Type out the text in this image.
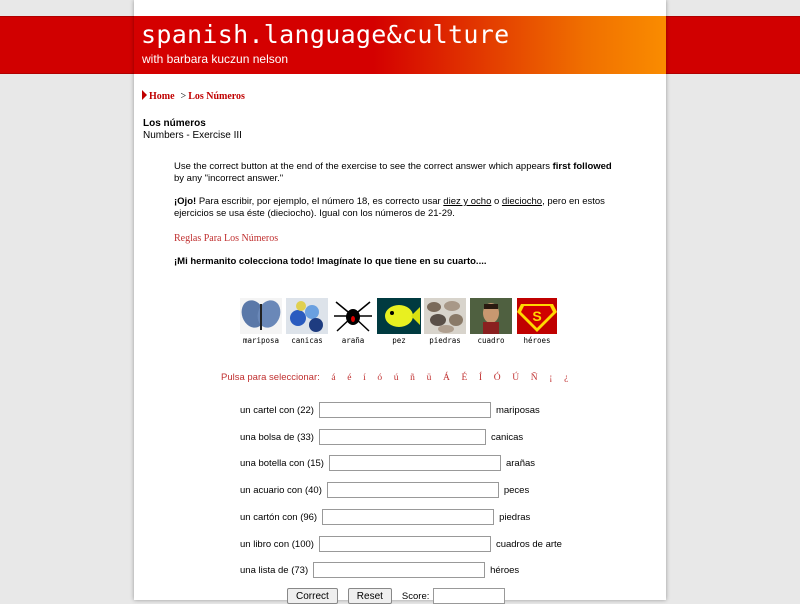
spanish.language&culture
with barbara kuczun nelson
Home > Los Números
Los números
Numbers - Exercise III
Use the correct button at the end of the exercise to see the correct answer which appears first followed by any "incorrect answer."
¡Ojo! Para escribir, por ejemplo, el número 18, es correcto usar diez y ocho o dieciocho, pero en estos ejercicios se usa éste (dieciocho). Igual con los números de 21-29.
Reglas Para Los Números
¡Mi hermanito colecciona todo! Imagínate lo que tiene en su cuarto....
mariposa	canicas	araña	pez	piedras	cuadro
S
héroes
Pulsa para seleccionar: á é í ó ú ñ ü Á É Í Ó Ú Ñ ¡ ¿
un cartel con (22)	mariposas
una bolsa de (33)	canicas
una botella con (15)	arañas
un acuario con (40)	peces
un cartón con (96)	piedras
un libro con (100)	cuadros de arte
una lista de (73)	héroes
Correct	Reset	Score:
